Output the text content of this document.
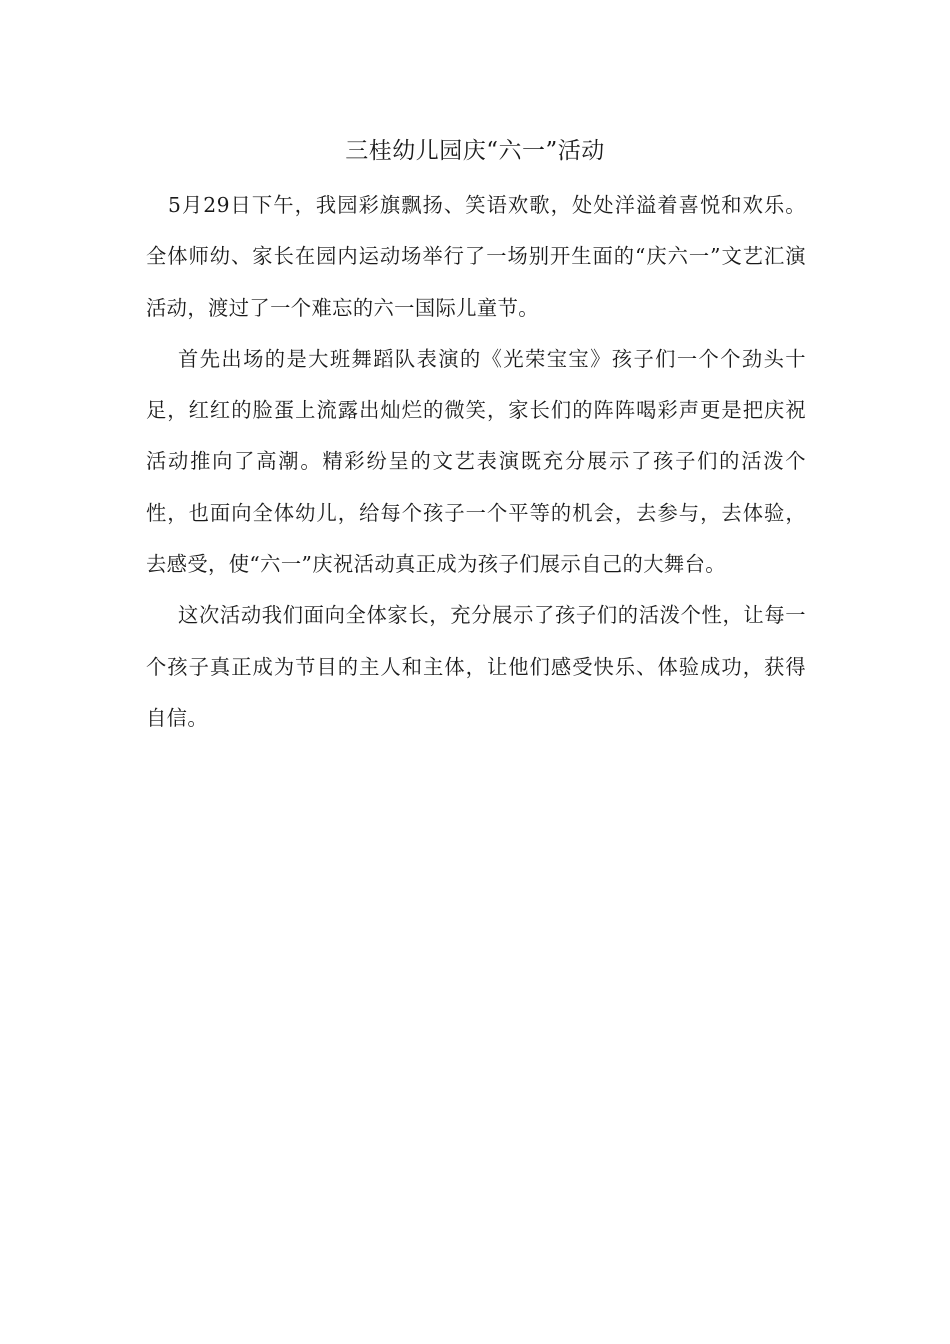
三桂幼儿园庆“六一”活动

5月29日下午，我园彩旗飘扬、笑语欢歌，处处洋溢着喜悦和欢乐。全体师幼、家长在园内运动场举行了一场别开生面的“庆六一”文艺汇演活动，渡过了一个难忘的六一国际儿童节。

首先出场的是大班舞蹈队表演的《光荣宝宝》孩子们一个个劲头十足，红红的脸蛋上流露出灿烂的微笑，家长们的阵阵喝彩声更是把庆祝活动推向了高潮。精彩纷呈的文艺表演既充分展示了孩子们的活泼个性，也面向全体幼儿，给每个孩子一个平等的机会，去参与，去体验，去感受，使“六一”庆祝活动真正成为孩子们展示自己的大舞台。

这次活动我们面向全体家长，充分展示了孩子们的活泼个性，让每一个孩子真正成为节目的主人和主体，让他们感受快乐、体验成功，获得自信。
